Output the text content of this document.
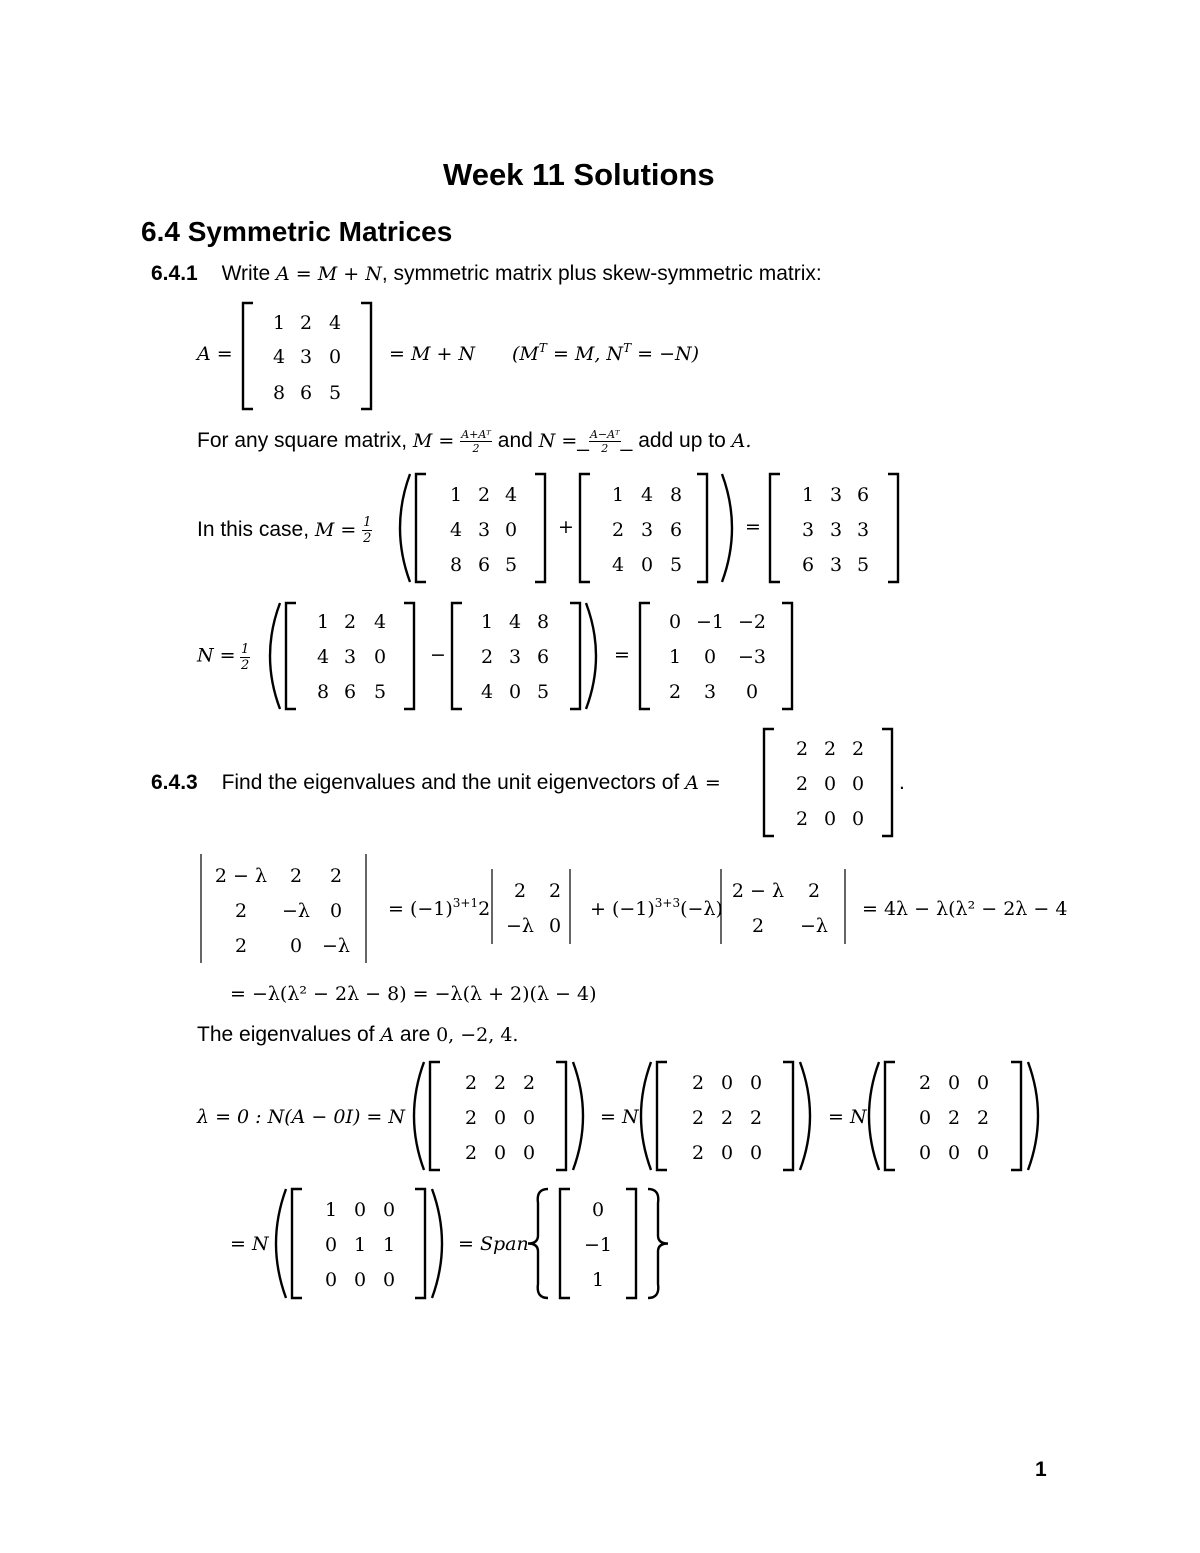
Week 11 Solutions
6.4 Symmetric Matrices
6.4.1 Write A = M + N, symmetric matrix plus skew-symmetric matrix:
A =	= M + N ($M^T = M$, $N^T = -N$)
For any square matrix, $M = \frac{\text{A+Aᵀ}}{2}$ and N =_ $\frac{\text{A−Aᵀ}}{2}$ _ add up to A.
In this case, $M = \frac{1}{2}$
$N = \frac{1}{2}$
+	=
−	=
6.4.3 Find the eigenvalues and the unit eigenvectors of A =	.
= $(-1)^{3+1}2$	+ $(-1)^{3+3}(-\lambda)$	= 4λ − λ(λ² − 2λ − 4
= −λ(λ² − 2λ − 8) = −λ(λ + 2)(λ − 4)
The eigenvalues of A are 0, −2, 4.
λ = 0 : N(A − 0I) = N	= N	= N
= N	= Span
1 2 4
4 3 0
8 6 5
1 2 4
4 3 0
8 6 5
1 4 8
2 3 6
4 0 5
1 3 6
3 3 3
6 3 5
1 2 4
4 3 0
8 6 5
1 4 8
2 3 6
4 0 5
0 −1 −2
1 0 −3
2 3 0
2 2 2
2 0 0
2 0 0
2 − λ 2 2
2 −λ 0
2 0 −λ
2 2
−λ 0
2 − λ 2
2 −λ
2 2 2
2 0 0
2 0 0
2 0 0
2 2 2
2 0 0
2 0 0
0 2 2
0 0 0
1 0 0
0 1 1
0 0 0
0
−1
1
1
